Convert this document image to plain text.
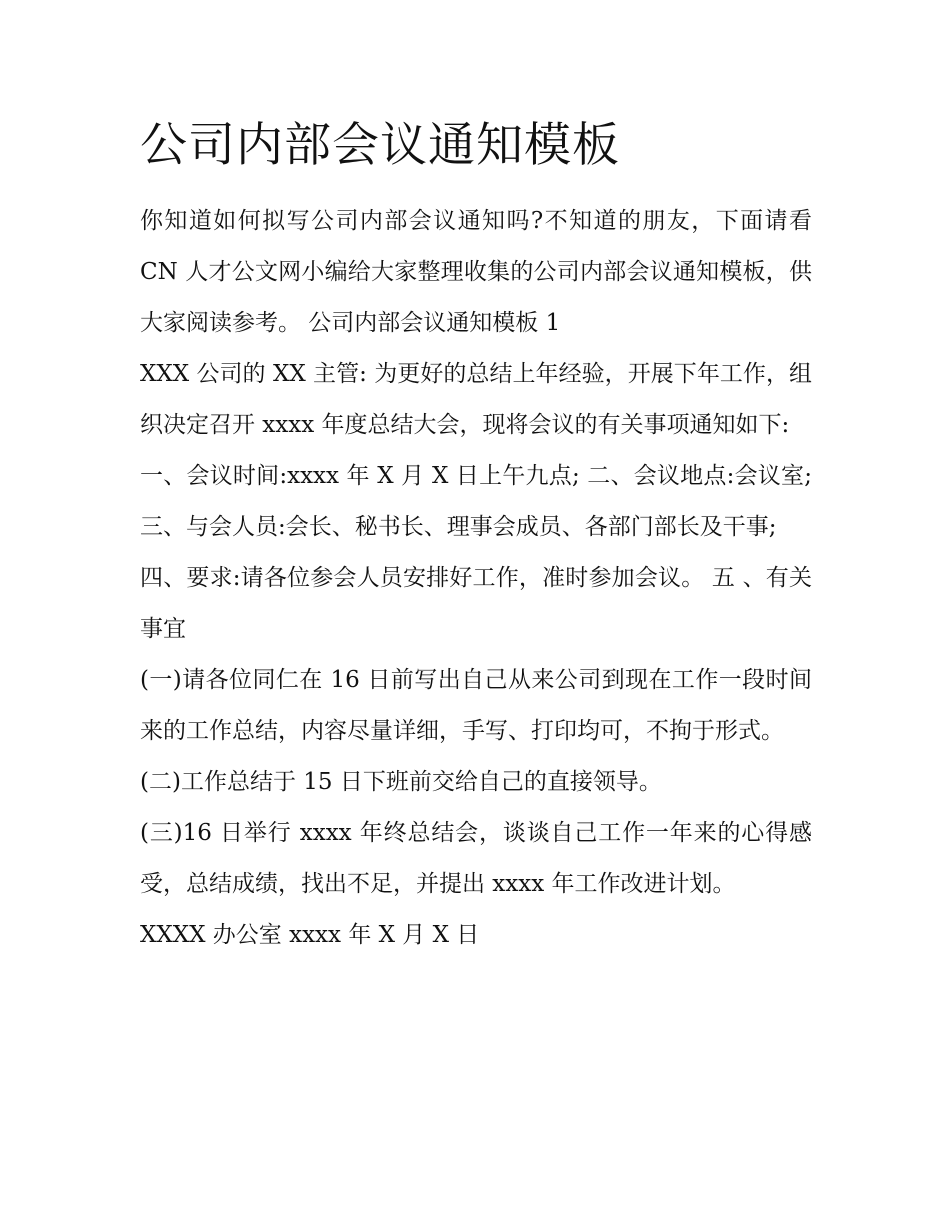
公司内部会议通知模板

你知道如何拟写公司内部会议通知吗?不知道的朋友，下面请看 CN 人才公文网小编给大家整理收集的公司内部会议通知模板，供大家阅读参考。 公司内部会议通知模板 1

XXX 公司的 XX 主管: 为更好的总结上年经验，开展下年工作，组织决定召开 xxxx 年度总结大会，现将会议的有关事项通知如下:

一、会议时间:xxxx 年 X 月 X 日上午九点; 二、会议地点:会议室; 三、与会人员:会长、秘书长、理事会成员、各部门部长及干事;

四、要求:请各位参会人员安排好工作，准时参加会议。 五 、有关事宜

(一)请各位同仁在 16 日前写出自己从来公司到现在工作一段时间来的工作总结，内容尽量详细，手写、打印均可，不拘于形式。

(二)工作总结于 15 日下班前交给自己的直接领导。

(三)16 日举行 xxxx 年终总结会，谈谈自己工作一年来的心得感受，总结成绩，找出不足，并提出 xxxx 年工作改进计划。

XXXX 办公室 xxxx 年 X 月 X 日
